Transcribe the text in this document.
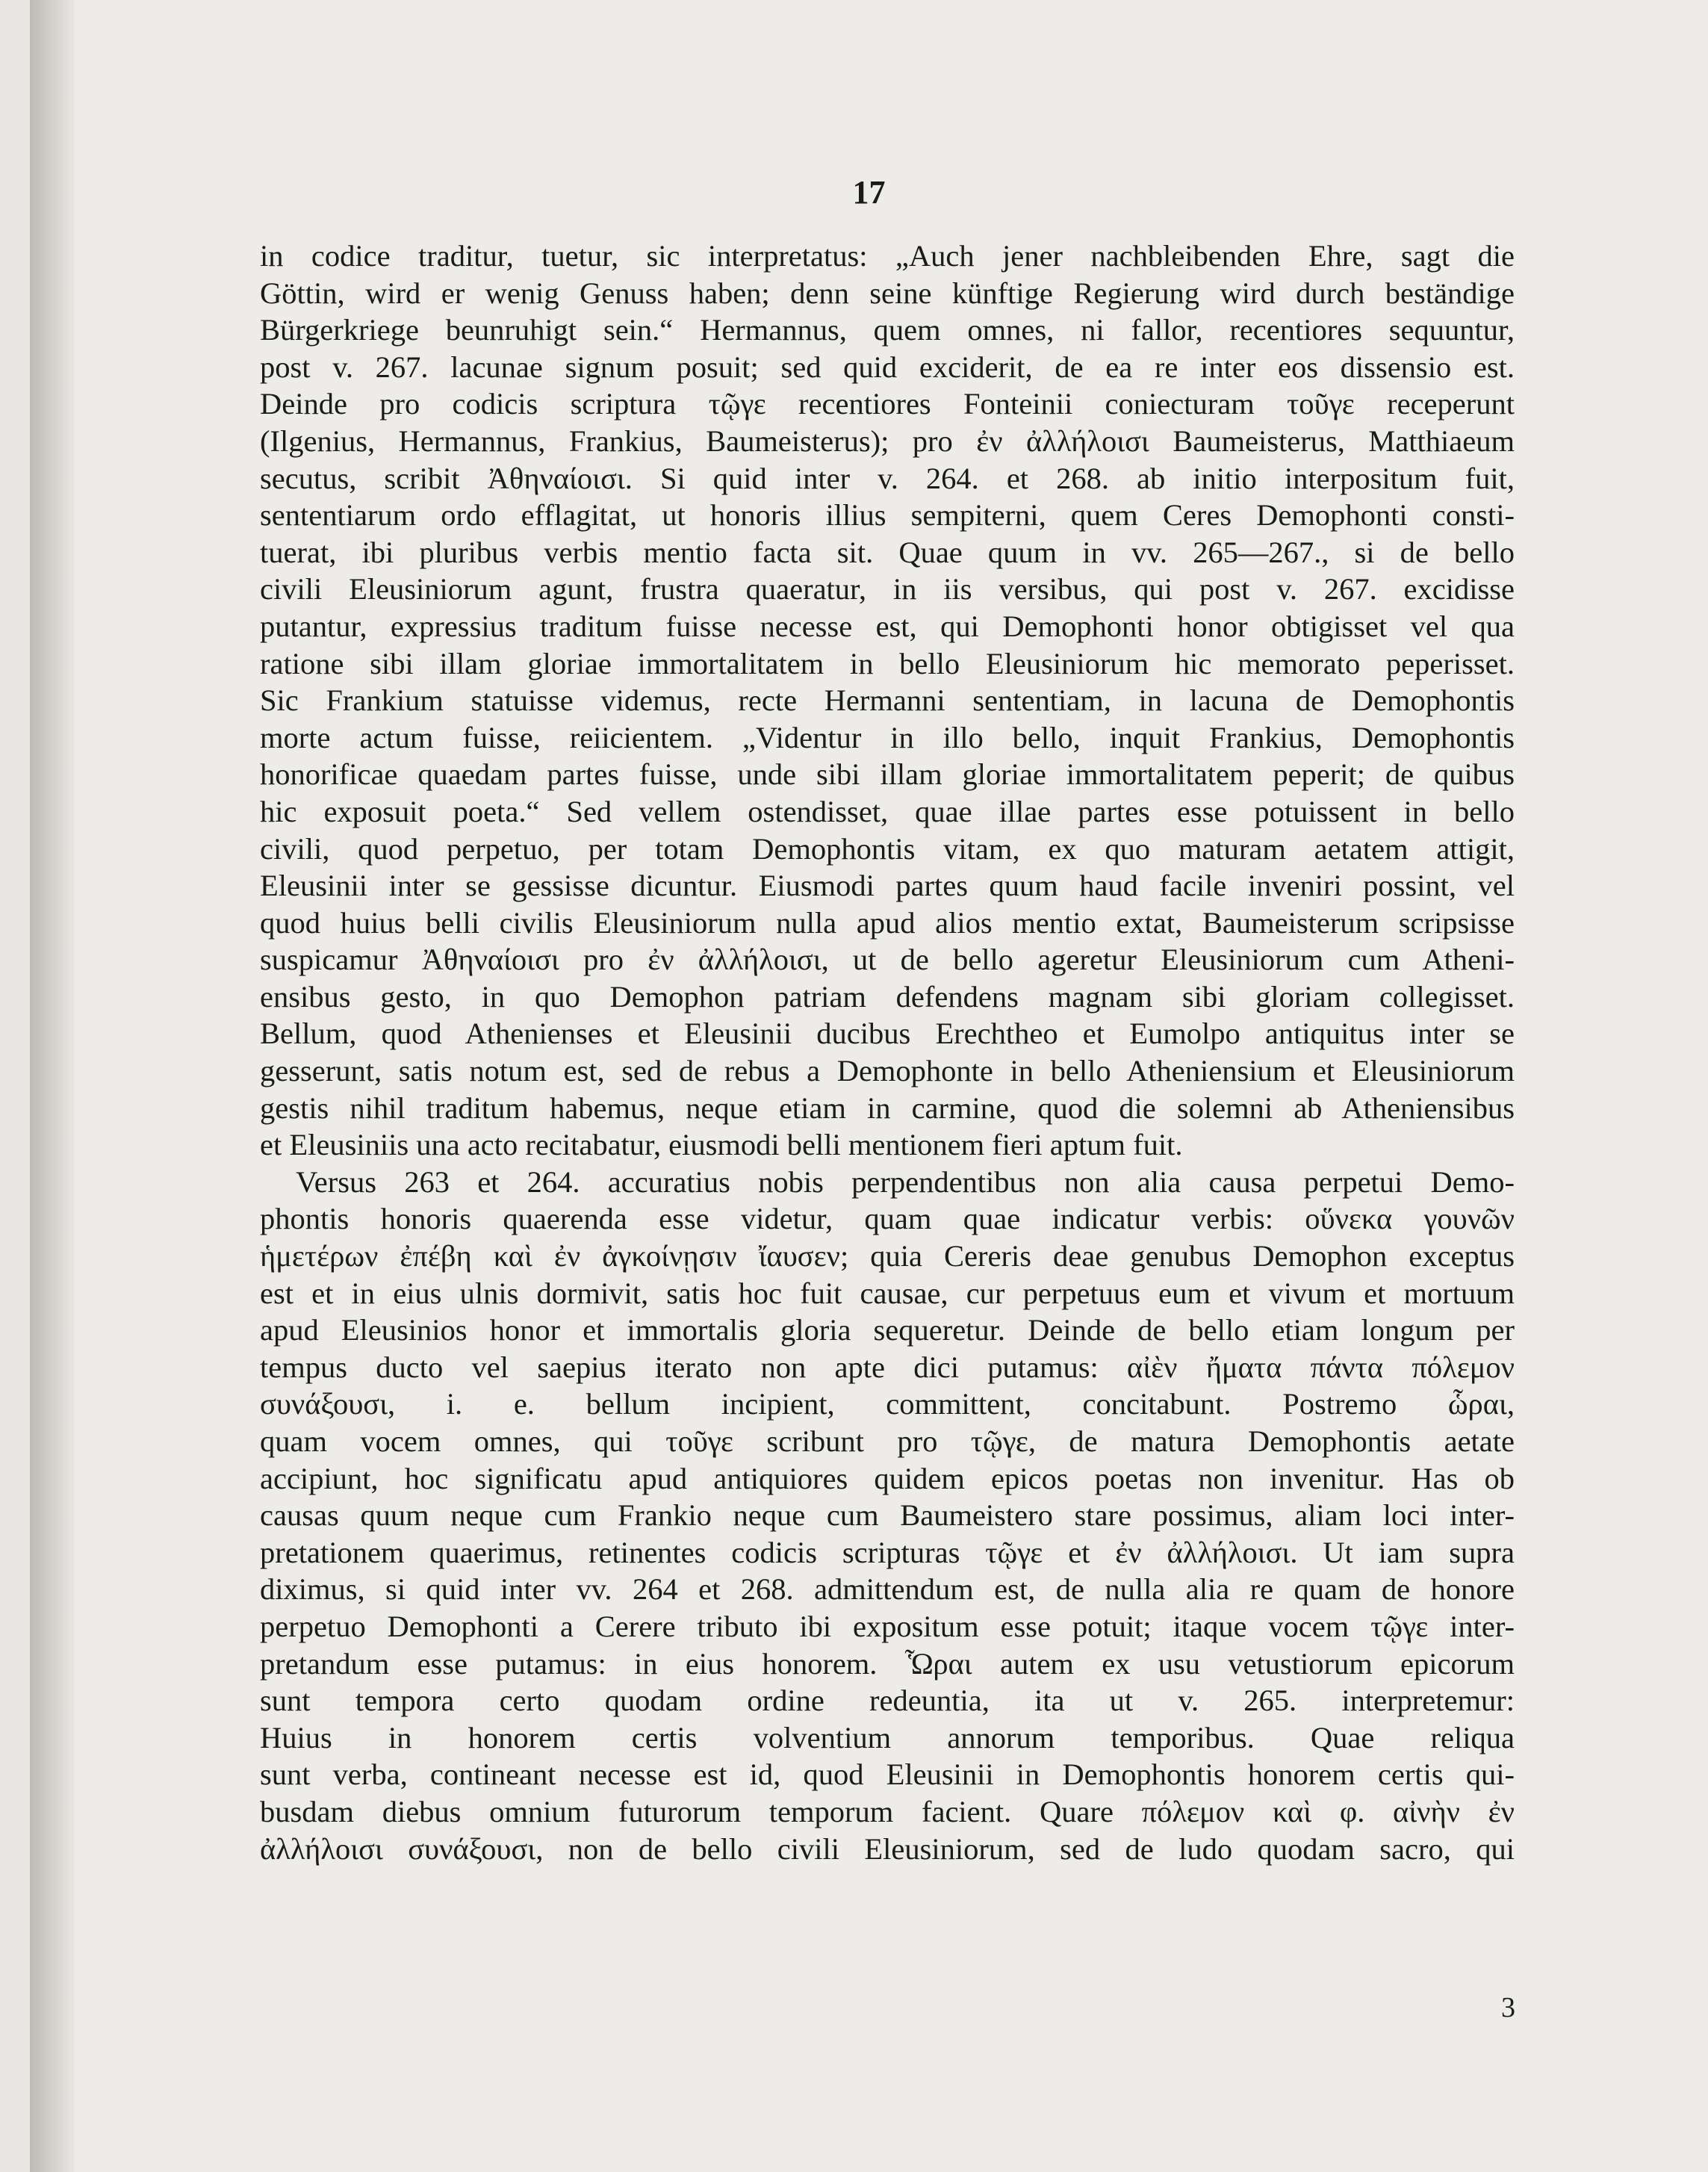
17
in codice traditur, tuetur, sic interpretatus: „Auch jener nachbleibenden Ehre, sagt die
Göttin, wird er wenig Genuss haben; denn seine künftige Regierung wird durch beständige
Bürgerkriege beunruhigt sein.“ Hermannus, quem omnes, ni fallor, recentiores sequuntur,
post v. 267. lacunae signum posuit; sed quid exciderit, de ea re inter eos dissensio est.
Deinde pro codicis scriptura τῷγε recentiores Fonteinii coniecturam τοῦγε receperunt
(Ilgenius, Hermannus, Frankius, Baumeisterus); pro ἐν ἀλλήλοισι Baumeisterus, Matthiaeum
secutus, scribit Ἀθηναίοισι. Si quid inter v. 264. et 268. ab initio interpositum fuit,
sententiarum ordo efflagitat, ut honoris illius sempiterni, quem Ceres Demophonti consti-
tuerat, ibi pluribus verbis mentio facta sit. Quae quum in vv. 265—267., si de bello
civili Eleusiniorum agunt, frustra quaeratur, in iis versibus, qui post v. 267. excidisse
putantur, expressius traditum fuisse necesse est, qui Demophonti honor obtigisset vel qua
ratione sibi illam gloriae immortalitatem in bello Eleusiniorum hic memorato peperisset.
Sic Frankium statuisse videmus, recte Hermanni sententiam, in lacuna de Demophontis
morte actum fuisse, reiicientem. „Videntur in illo bello, inquit Frankius, Demophontis
honorificae quaedam partes fuisse, unde sibi illam gloriae immortalitatem peperit; de quibus
hic exposuit poeta.“ Sed vellem ostendisset, quae illae partes esse potuissent in bello
civili, quod perpetuo, per totam Demophontis vitam, ex quo maturam aetatem attigit,
Eleusinii inter se gessisse dicuntur. Eiusmodi partes quum haud facile inveniri possint, vel
quod huius belli civilis Eleusiniorum nulla apud alios mentio extat, Baumeisterum scripsisse
suspicamur Ἀθηναίοισι pro ἐν ἀλλήλοισι, ut de bello ageretur Eleusiniorum cum Atheni-
ensibus gesto, in quo Demophon patriam defendens magnam sibi gloriam collegisset.
Bellum, quod Athenienses et Eleusinii ducibus Erechtheo et Eumolpo antiquitus inter se
gesserunt, satis notum est, sed de rebus a Demophonte in bello Atheniensium et Eleusiniorum
gestis nihil traditum habemus, neque etiam in carmine, quod die solemni ab Atheniensibus
et Eleusiniis una acto recitabatur, eiusmodi belli mentionem fieri aptum fuit.
Versus 263 et 264. accuratius nobis perpendentibus non alia causa perpetui Demo-
phontis honoris quaerenda esse videtur, quam quae indicatur verbis: οὕνεκα γουνῶν
ἡμετέρων ἐπέβη καὶ ἐν ἀγκοίνῃσιν ἴαυσεν; quia Cereris deae genubus Demophon exceptus
est et in eius ulnis dormivit, satis hoc fuit causae, cur perpetuus eum et vivum et mortuum
apud Eleusinios honor et immortalis gloria sequeretur. Deinde de bello etiam longum per
tempus ducto vel saepius iterato non apte dici putamus: αἰὲν ἤματα πάντα πόλεμον
συνάξουσι, i. e. bellum incipient, committent, concitabunt. Postremo ὧραι,
quam vocem omnes, qui τοῦγε scribunt pro τῷγε, de matura Demophontis aetate
accipiunt, hoc significatu apud antiquiores quidem epicos poetas non invenitur. Has ob
causas quum neque cum Frankio neque cum Baumeistero stare possimus, aliam loci inter-
pretationem quaerimus, retinentes codicis scripturas τῷγε et ἐν ἀλλήλοισι. Ut iam supra
diximus, si quid inter vv. 264 et 268. admittendum est, de nulla alia re quam de honore
perpetuo Demophonti a Cerere tributo ibi expositum esse potuit; itaque vocem τῷγε inter-
pretandum esse putamus: in eius honorem. Ὧραι autem ex usu vetustiorum epicorum
sunt tempora certo quodam ordine redeuntia, ita ut v. 265. interpretemur:
Huius in honorem certis volventium annorum temporibus. Quae reliqua
sunt verba, contineant necesse est id, quod Eleusinii in Demophontis honorem certis qui-
busdam diebus omnium futurorum temporum facient. Quare πόλεμον καὶ φ. αἰνὴν ἐν
ἀλλήλοισι συνάξουσι, non de bello civili Eleusiniorum, sed de ludo quodam sacro, qui
3
